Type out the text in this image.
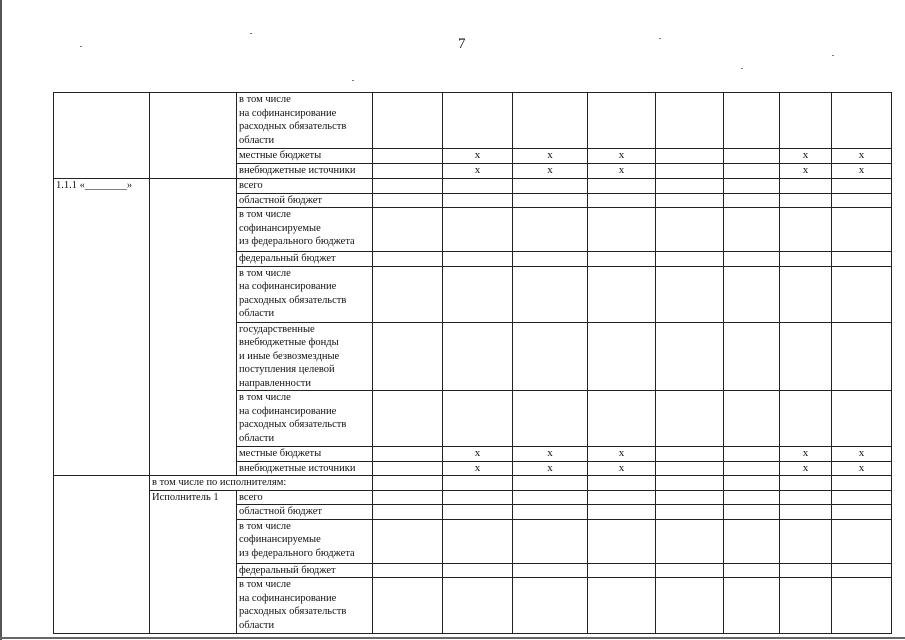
7
		в том числе
на софинансирование
расходных обязательств
области								
		местные бюджеты		x	x	x			x	x
		внебюджетные источники		x	x	x			x	x
1.1.1 «________»		всего								
		областной бюджет								
		в том числе
софинансируемые
из федерального бюджета								
		федеральный бюджет								
		в том числе
на софинансирование
расходных обязательств
области								
		государственные
внебюджетные фонды
и иные безвозмездные
поступления целевой
направленности								
		в том числе
на софинансирование
расходных обязательств
области								
		местные бюджеты		x	x	x			x	x
		внебюджетные источники		x	x	x			x	x
	в том числе по исполнителям:									
	Исполнитель 1	всего								
		областной бюджет								
		в том числе
софинансируемые
из федерального бюджета								
		федеральный бюджет								
		в том числе
на софинансирование
расходных обязательств
области								
